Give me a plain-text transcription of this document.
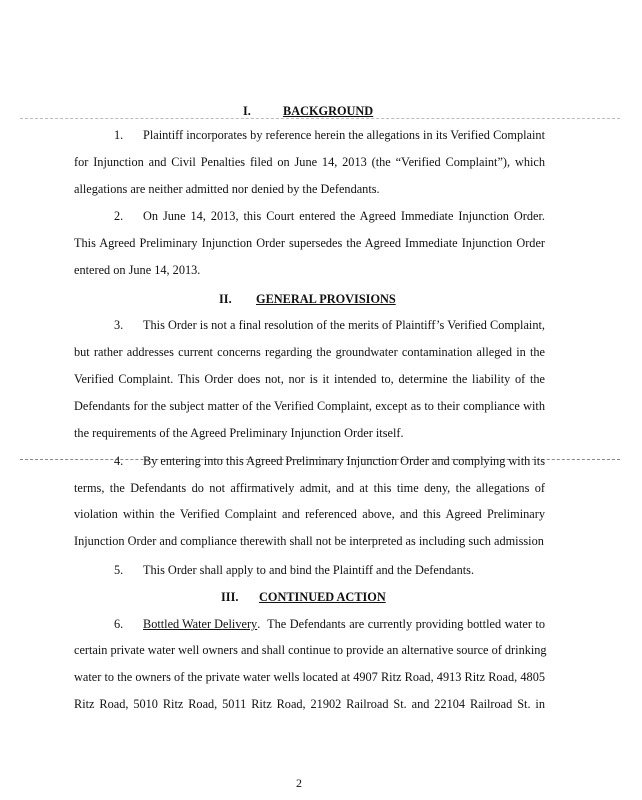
I.	BACKGROUND
1. Plaintiff incorporates by reference herein the allegations in its Verified Complaint
for Injunction and Civil Penalties filed on June 14, 2013 (the “Verified Complaint”), which
allegations are neither admitted nor denied by the Defendants.
2. On June 14, 2013, this Court entered the Agreed Immediate Injunction Order.
This Agreed Preliminary Injunction Order supersedes the Agreed Immediate Injunction Order
entered on June 14, 2013.
II. GENERAL PROVISIONS
3. This Order is not a final resolution of the merits of Plaintiff’s Verified Complaint,
but rather addresses current concerns regarding the groundwater contamination alleged in the
Verified Complaint. This Order does not, nor is it intended to, determine the liability of the
Defendants for the subject matter of the Verified Complaint, except as to their compliance with
the requirements of the Agreed Preliminary Injunction Order itself.
4. By entering into this Agreed Preliminary Injunction Order and complying with its
terms, the Defendants do not affirmatively admit, and at this time deny, the allegations of
violation within the Verified Complaint and referenced above, and this Agreed Preliminary
Injunction Order and compliance therewith shall not be interpreted as including such admission
5. This Order shall apply to and bind the Plaintiff and the Defendants.
III. CONTINUED ACTION
6. Bottled Water Delivery .  The Defendants are currently providing bottled water to
certain private water well owners and shall continue to provide an alternative source of drinking
water to the owners of the private water wells located at 4907 Ritz Road, 4913 Ritz Road, 4805
Ritz Road, 5010 Ritz Road, 5011 Ritz Road, 21902 Railroad St. and 22104 Railroad St. in
2
